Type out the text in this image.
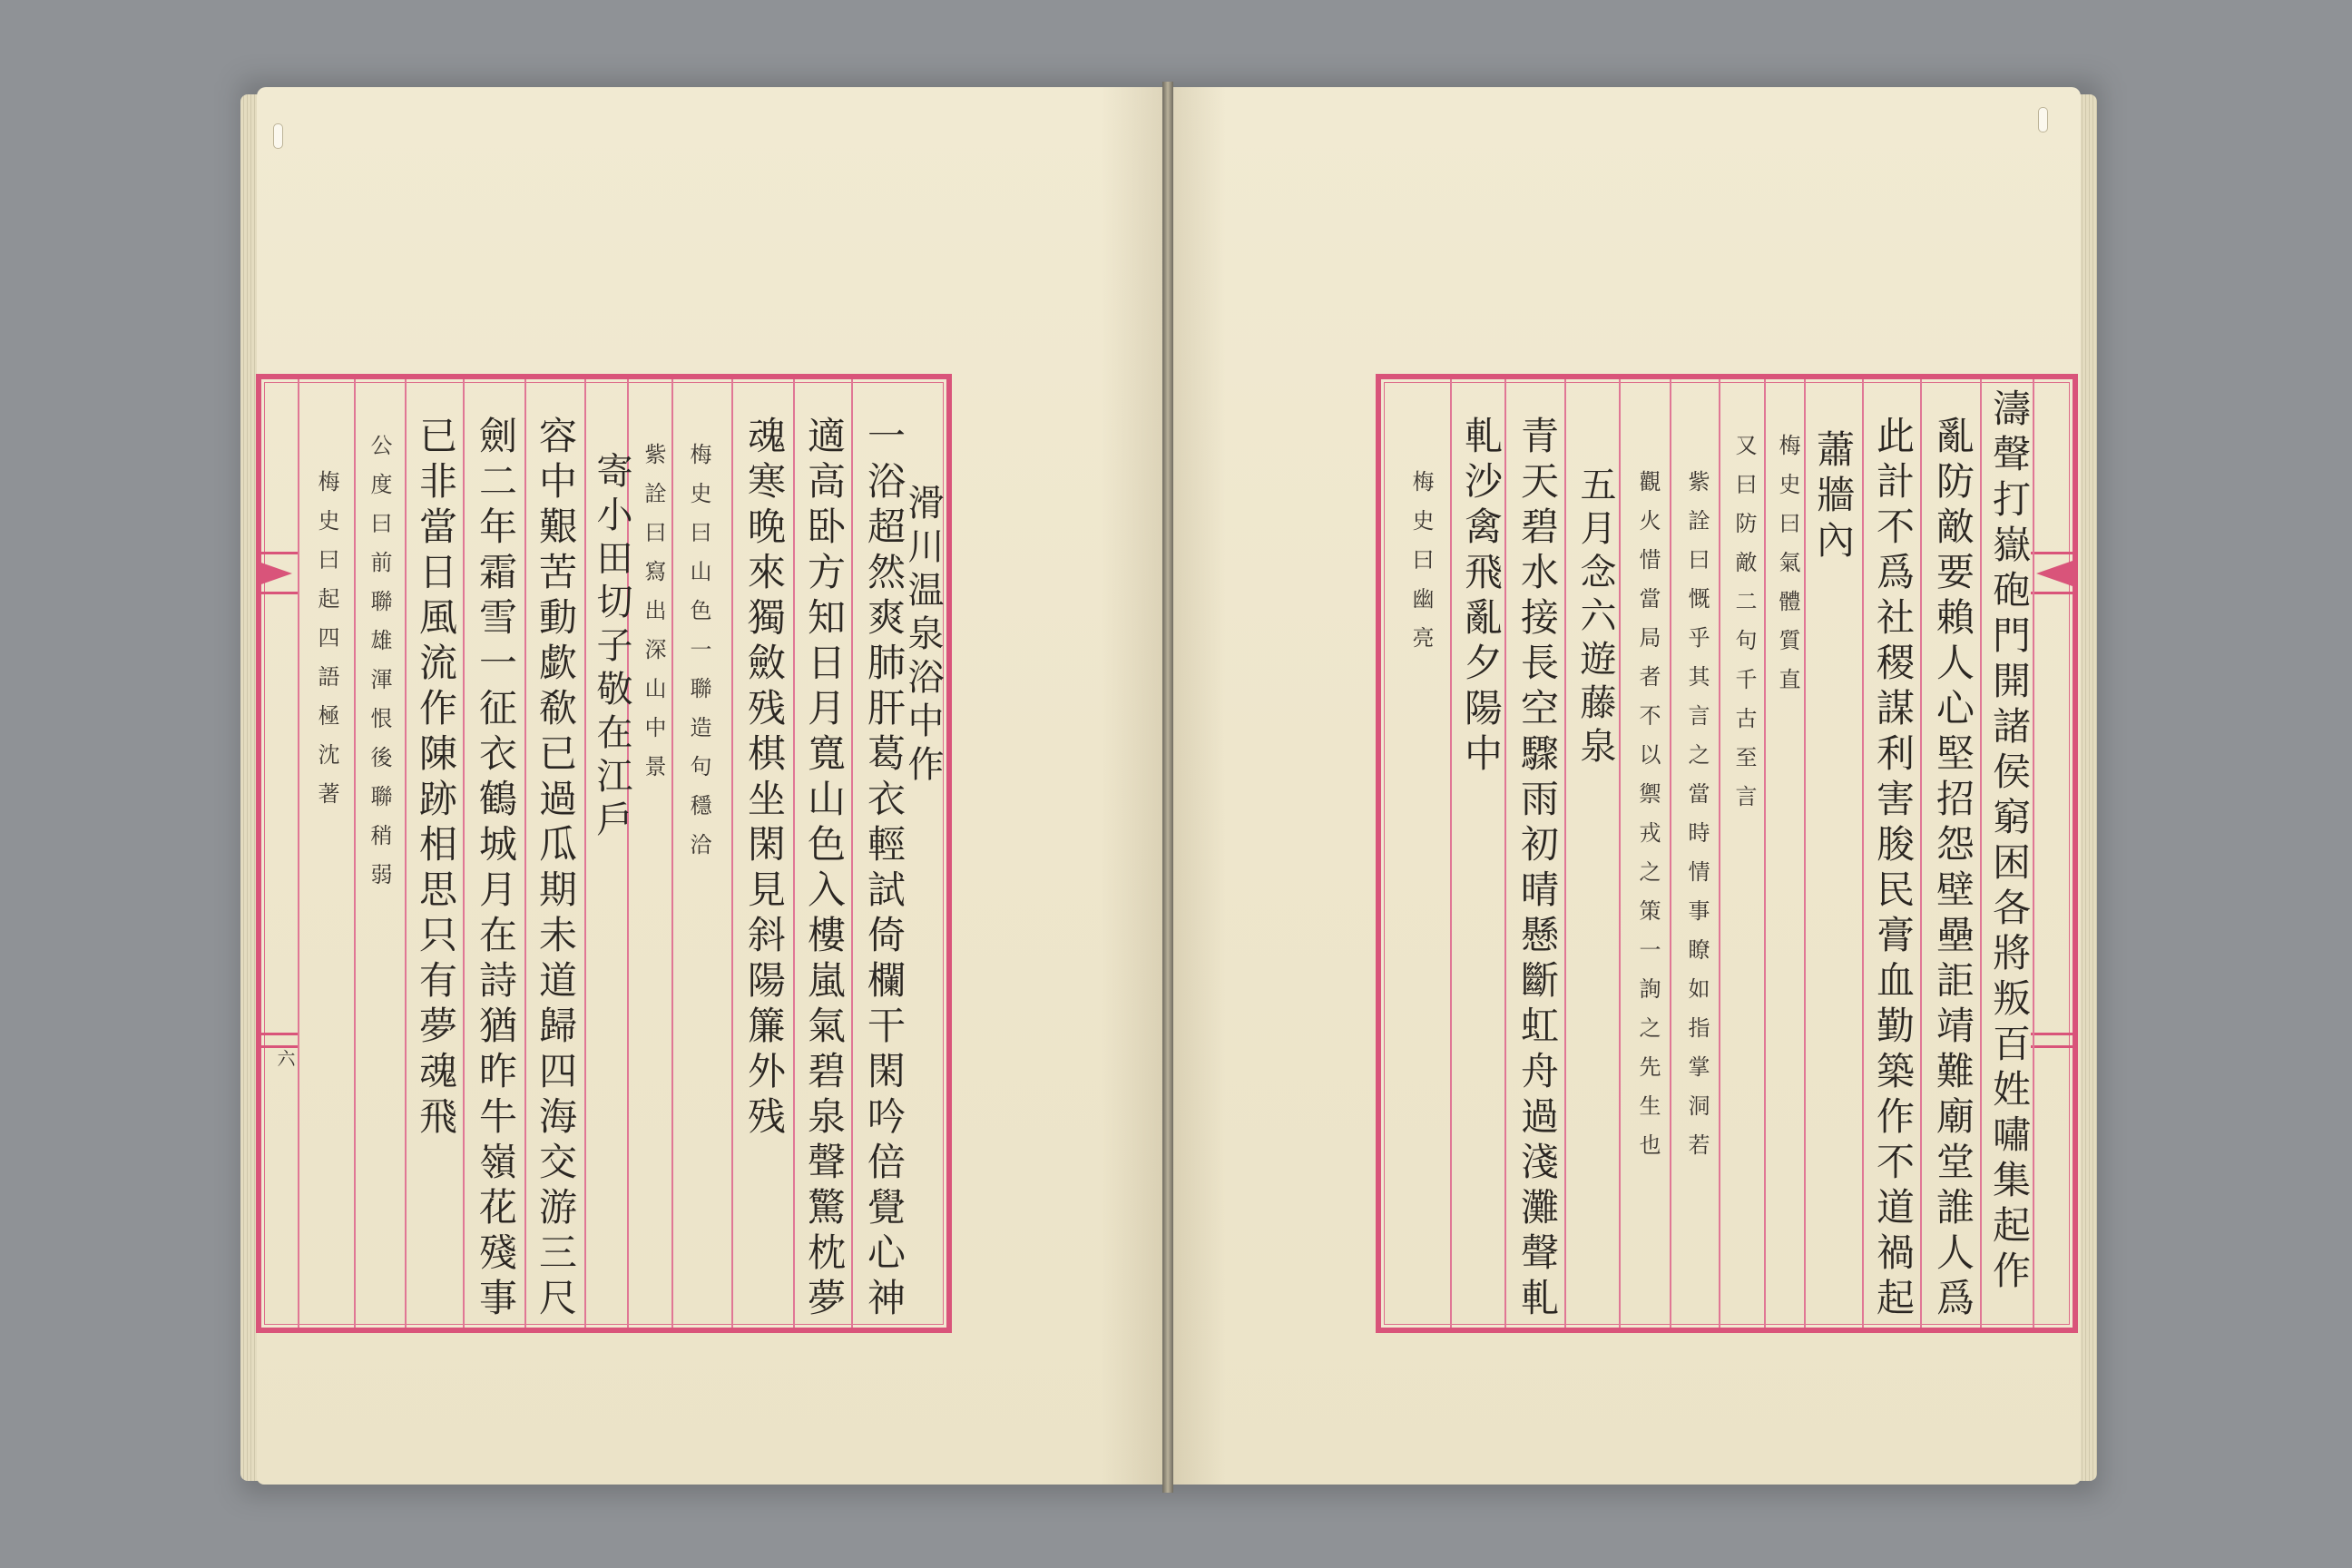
六
梅史曰起四語極沈著	公度曰前聯雄渾恨後聯稍弱 已非當日風流作陳跡相思只有夢魂飛 劍二年霜雪一征衣鶴城月在詩猶昨牛嶺花殘事 容中艱苦動歔欷已過瓜期未道歸四海交游三尺 寄小田切子敬在江戶 紫詮曰寫出深山中景 梅史曰山色一聯造句穩洽 魂寒晚來獨斂残棋坐閑見斜陽簾外残 適高卧方知日月寬山色入樓嵐氣碧泉聲驚枕夢 一浴超然爽肺肝葛衣輕試倚欄干閑吟倍覺心神
滑川温泉浴中作	梅史曰幽亮 軋沙禽飛亂夕陽中 青天碧水接長空驟雨初晴懸斷虹舟過淺灘聲軋 五月念六遊藤泉 觀火惜當局者不以禦戎之策一詢之先生也	紫詮曰慨乎其言之當時情事瞭如指掌洞若	又曰防敵二句千古至言 梅史曰氣體質直 蕭牆內 此計不爲社稷謀利害朘民膏血勤築作不道禍起 亂防敵要賴人心堅招怨壁壘詎靖難廟堂誰人爲 濤聲打嶽砲門開諸侯窮困各將叛百姓嘯集起作
